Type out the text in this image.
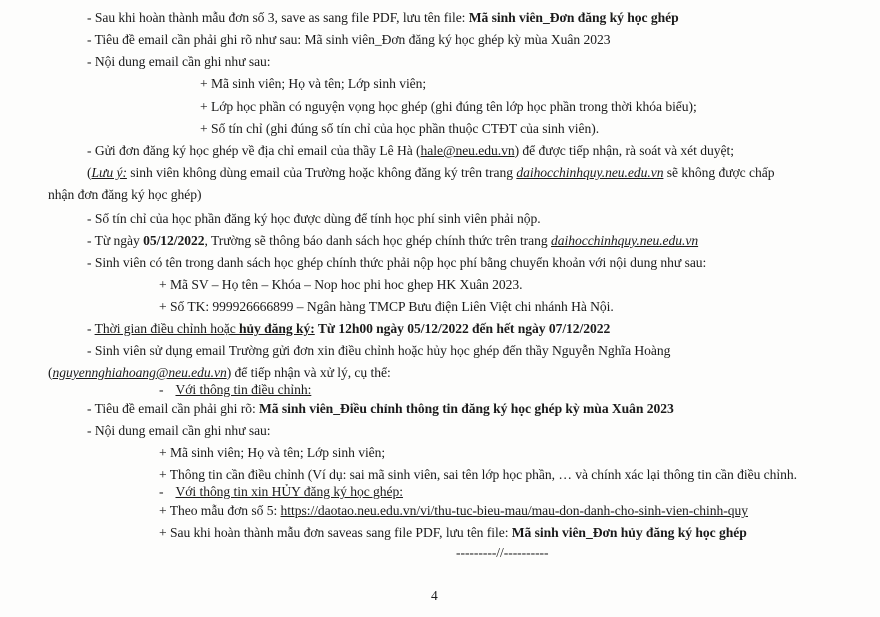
- Sau khi hoàn thành mẫu đơn số 3, save as sang file PDF, lưu tên file: Mã sinh viên_Đơn đăng ký học ghép
- Tiêu đề email cần phải ghi rõ như sau: Mã sinh viên_Đơn đăng ký học ghép kỳ mùa Xuân 2023
- Nội dung email cần ghi như sau:
+ Mã sinh viên; Họ và tên; Lớp sinh viên;
+ Lớp học phần có nguyện vọng học ghép (ghi đúng tên lớp học phần trong thời khóa biểu);
+ Số tín chỉ (ghi đúng số tín chỉ của học phần thuộc CTĐT của sinh viên).
- Gửi đơn đăng ký học ghép về địa chỉ email của thầy Lê Hà (hale@neu.edu.vn) để được tiếp nhận, rà soát và xét duyệt;
(Lưu ý: sinh viên không dùng email của Trường hoặc không đăng ký trên trang daihocchinhquy.neu.edu.vn sẽ không được chấp
nhận đơn đăng ký học ghép)
- Số tín chỉ của học phần đăng ký học được dùng để tính học phí sinh viên phải nộp.
- Từ ngày 05/12/2022, Trường sẽ thông báo danh sách học ghép chính thức trên trang daihocchinhquy.neu.edu.vn
- Sinh viên có tên trong danh sách học ghép chính thức phải nộp học phí bằng chuyển khoản với nội dung như sau:
+ Mã SV – Họ tên – Khóa – Nop hoc phi hoc ghep HK Xuân 2023.
+ Số TK: 999926666899 – Ngân hàng TMCP Bưu điện Liên Việt chi nhánh Hà Nội.
- Thời gian điều chỉnh hoặc hủy đăng ký: Từ 12h00 ngày 05/12/2022 đến hết ngày 07/12/2022
- Sinh viên sử dụng email Trường gửi đơn xin điều chỉnh hoặc hủy học ghép đến thầy Nguyễn Nghĩa Hoàng
(nguyennghiahoang@neu.edu.vn) để tiếp nhận và xử lý, cụ thể:
- Với thông tin điều chỉnh:
- Tiêu đề email cần phải ghi rõ: Mã sinh viên_Điều chỉnh thông tin đăng ký học ghép kỳ mùa Xuân 2023
- Nội dung email cần ghi như sau:
+ Mã sinh viên; Họ và tên; Lớp sinh viên;
+ Thông tin cần điều chỉnh (Ví dụ: sai mã sinh viên, sai tên lớp học phần, … và chính xác lại thông tin cần điều chỉnh.
- Với thông tin xin HỦY đăng ký học ghép:
+ Theo mẫu đơn số 5: https://daotao.neu.edu.vn/vi/thu-tuc-bieu-mau/mau-don-danh-cho-sinh-vien-chinh-quy
+ Sau khi hoàn thành mẫu đơn saveas sang file PDF, lưu tên file: Mã sinh viên_Đơn hủy đăng ký học ghép
---------//----------
4
